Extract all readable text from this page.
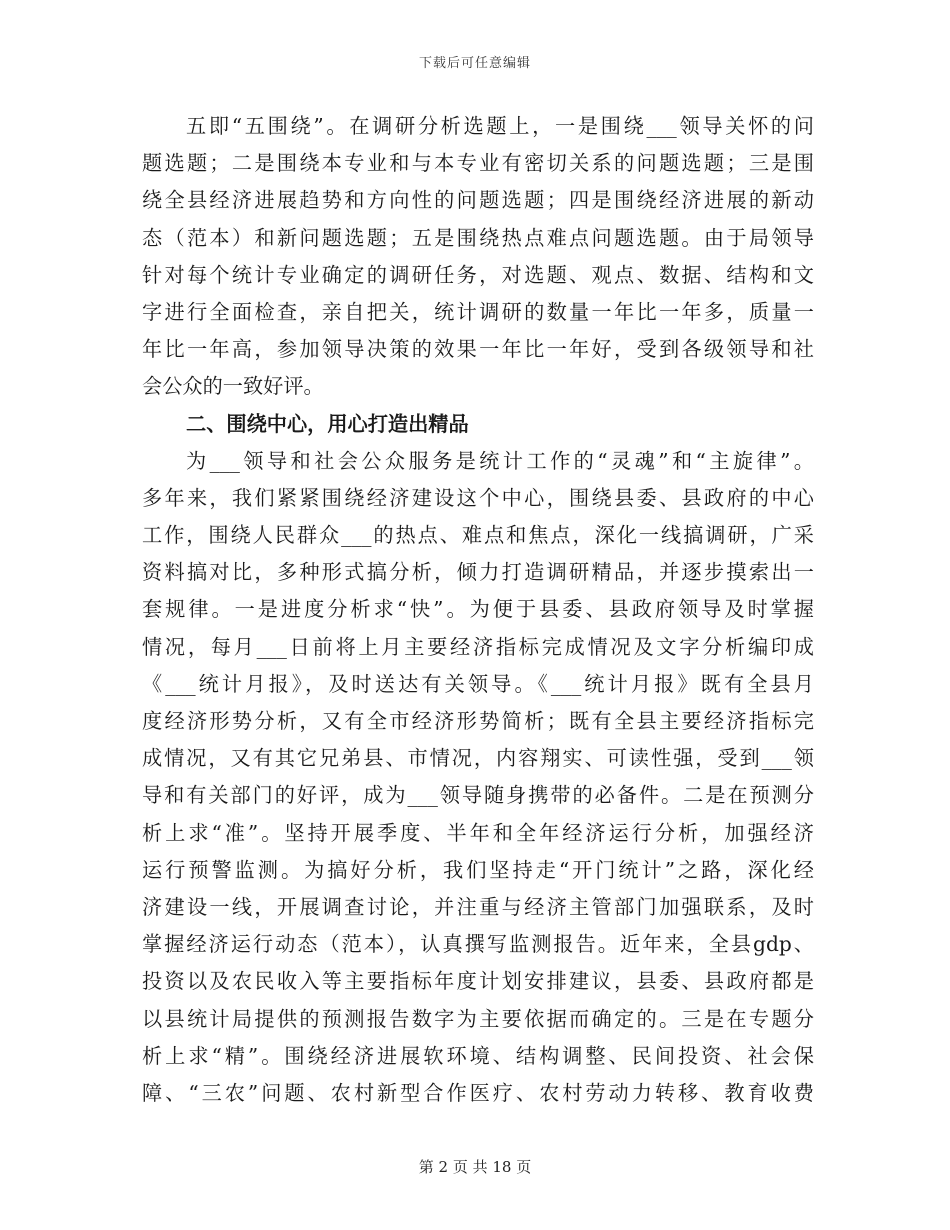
下载后可任意编辑
五即“五围绕”。在调研分析选题上，一是围绕___领导关怀的问
题选题；二是围绕本专业和与本专业有密切关系的问题选题；三是围
绕全县经济进展趋势和方向性的问题选题；四是围绕经济进展的新动
态（范本）和新问题选题；五是围绕热点难点问题选题。由于局领导
针对每个统计专业确定的调研任务，对选题、观点、数据、结构和文
字进行全面检查，亲自把关，统计调研的数量一年比一年多，质量一
年比一年高，参加领导决策的效果一年比一年好，受到各级领导和社
会公众的一致好评。
二、围绕中心，用心打造出精品
为___领导和社会公众服务是统计工作的“灵魂”和“主旋律”。
多年来，我们紧紧围绕经济建设这个中心，围绕县委、县政府的中心
工作，围绕人民群众___的热点、难点和焦点，深化一线搞调研，广采
资料搞对比，多种形式搞分析，倾力打造调研精品，并逐步摸索出一
套规律。一是进度分析求“快”。为便于县委、县政府领导及时掌握
情况，每月___日前将上月主要经济指标完成情况及文字分析编印成
《___统计月报》，及时送达有关领导。《___统计月报》既有全县月
度经济形势分析，又有全市经济形势简析；既有全县主要经济指标完
成情况，又有其它兄弟县、市情况，内容翔实、可读性强，受到___领
导和有关部门的好评，成为___领导随身携带的必备件。二是在预测分
析上求“准”。坚持开展季度、半年和全年经济运行分析，加强经济
运行预警监测。为搞好分析，我们坚持走“开门统计”之路，深化经
济建设一线，开展调查讨论，并注重与经济主管部门加强联系，及时
掌握经济运行动态（范本），认真撰写监测报告。近年来，全县gdp、
投资以及农民收入等主要指标年度计划安排建议，县委、县政府都是
以县统计局提供的预测报告数字为主要依据而确定的。三是在专题分
析上求“精”。围绕经济进展软环境、结构调整、民间投资、社会保
障、“三农”问题、农村新型合作医疗、农村劳动力转移、教育收费
第 2 页 共 18 页
